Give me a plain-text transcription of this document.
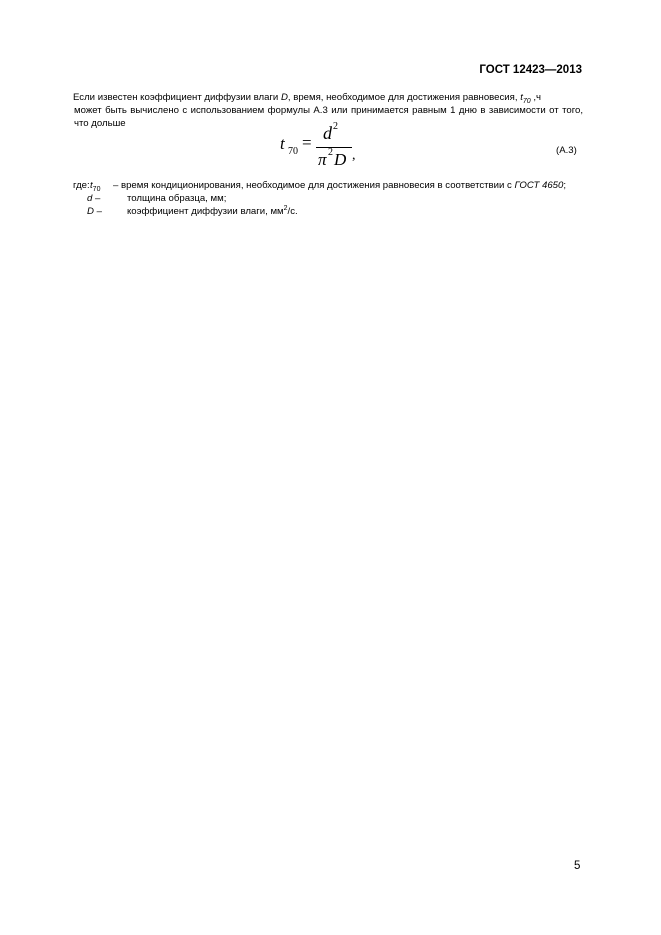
ГОСТ 12423—2013
Если известен коэффициент диффузии влаги D, время, необходимое для достижения равновесия, $t_{70}$ ,ч
может быть вычислено с использованием формулы А.3 или принимается равным 1 дню в зависимости от того,
что дольше
t 70 = d 2
π 2 D ,	(А.3)
где: $t_{70}$ – время кондиционирования, необходимое для достижения равновесия в соответствии с ГОСТ 4650;
d –	толщина образца, мм;
D –	коэффициент диффузии влаги, $мм^2/с$.
5
